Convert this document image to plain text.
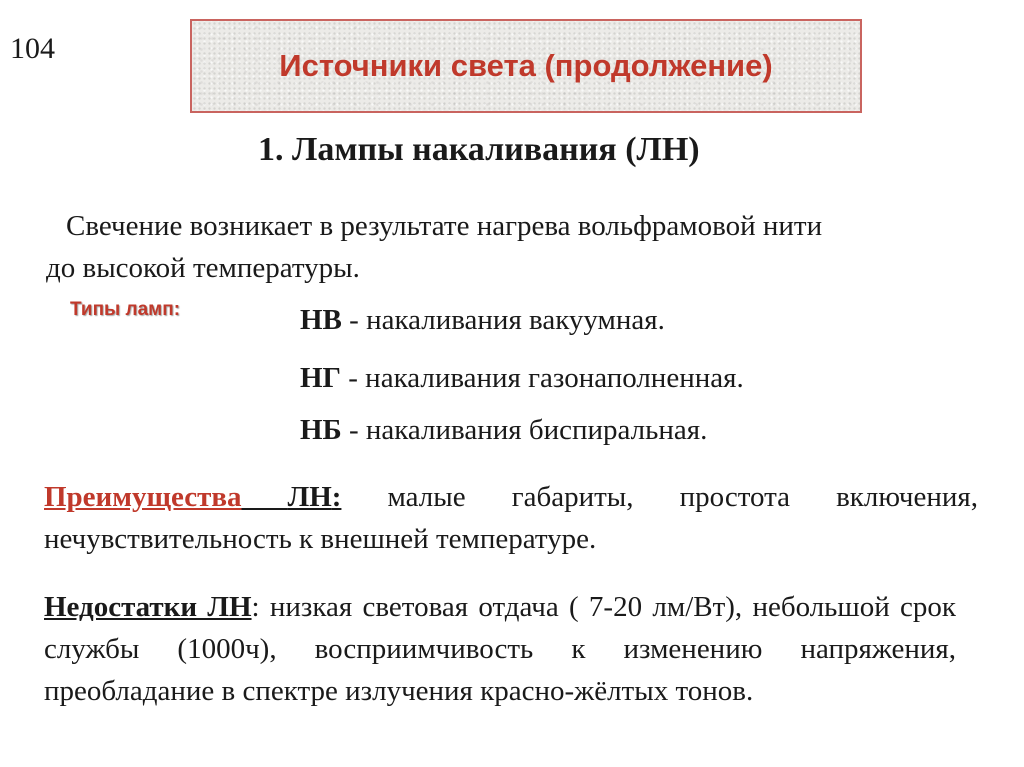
104	Источники света (продолжение)
1. Лампы накаливания (ЛН)
Свечение возникает в результате нагрева вольфрамовой нити
до высокой температуры.
Типы ламп:	НВ - накаливания вакуумная.
НГ - накаливания газонаполненная.
НБ - накаливания биспиральная.
Преимущества ЛН: малые габариты, простота включения, нечувствительность к внешней температуре.
Недостатки ЛН: низкая световая отдача ( 7-20 лм/Вт), небольшой срок службы (1000ч), восприимчивость к изменению напряжения, преобладание в спектре излучения красно-жёлтых тонов.
